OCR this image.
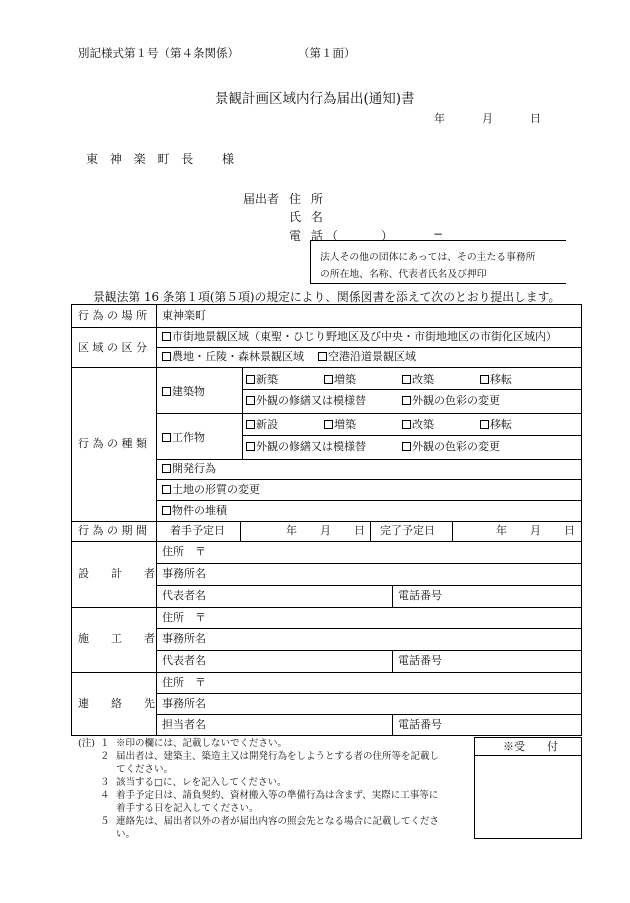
別記様式第１号（第４条関係）	（第１面）
景観計画区域内行為届出(通知)書
年	月	日
東 神 楽 町 長 様
届出者 住 所
氏 名
電 話（	）	−
法人その他の団体にあっては、その主たる事務所
の所在地、名称、代表者氏名及び押印
景観法第 16 条第１項(第５項)の規定により、関係図書を添えて次のとおり提出します。
行 為 の 場 所 東神楽町
区 域 の 区 分
市街地景観区域（東聖・ひじり野地区及び中央・市街地地区の市街化区域内）
農地・丘陵・森林景観区域	空港沿道景観区域
行 為 の 種 類
建築物
新築	増築	改築	移転
外観の修繕又は模様替	外観の色彩の変更
工作物
新設	増築	改築	移転
外観の修繕又は模様替	外観の色彩の変更
開発行為
土地の形質の変更
物件の堆積
行 為 の 期 間 着手予定日	年 月 日 完了予定日	年 月 日
設　　計　　者
住所　〒
事務所名
代表者名	電話番号
施　　工　　者
住所　〒
事務所名
代表者名	電話番号
連　　絡　　先
住所　〒
事務所名
担当者名	電話番号
(注) １ ※印の欄には、記載しないでください。
２ 届出者は、建築主、築造主又は開発行為をしようとする者の住所等を記載し
てください。
３ 該当する□に、レを記入してください。
４ 着手予定日は、請負契約、資材搬入等の準備行為は含まず、実際に工事等に
着手する日を記入してください。
５ 連絡先は、届出者以外の者が届出内容の照会先となる場合に記載してくださ
い。
※受　　付
